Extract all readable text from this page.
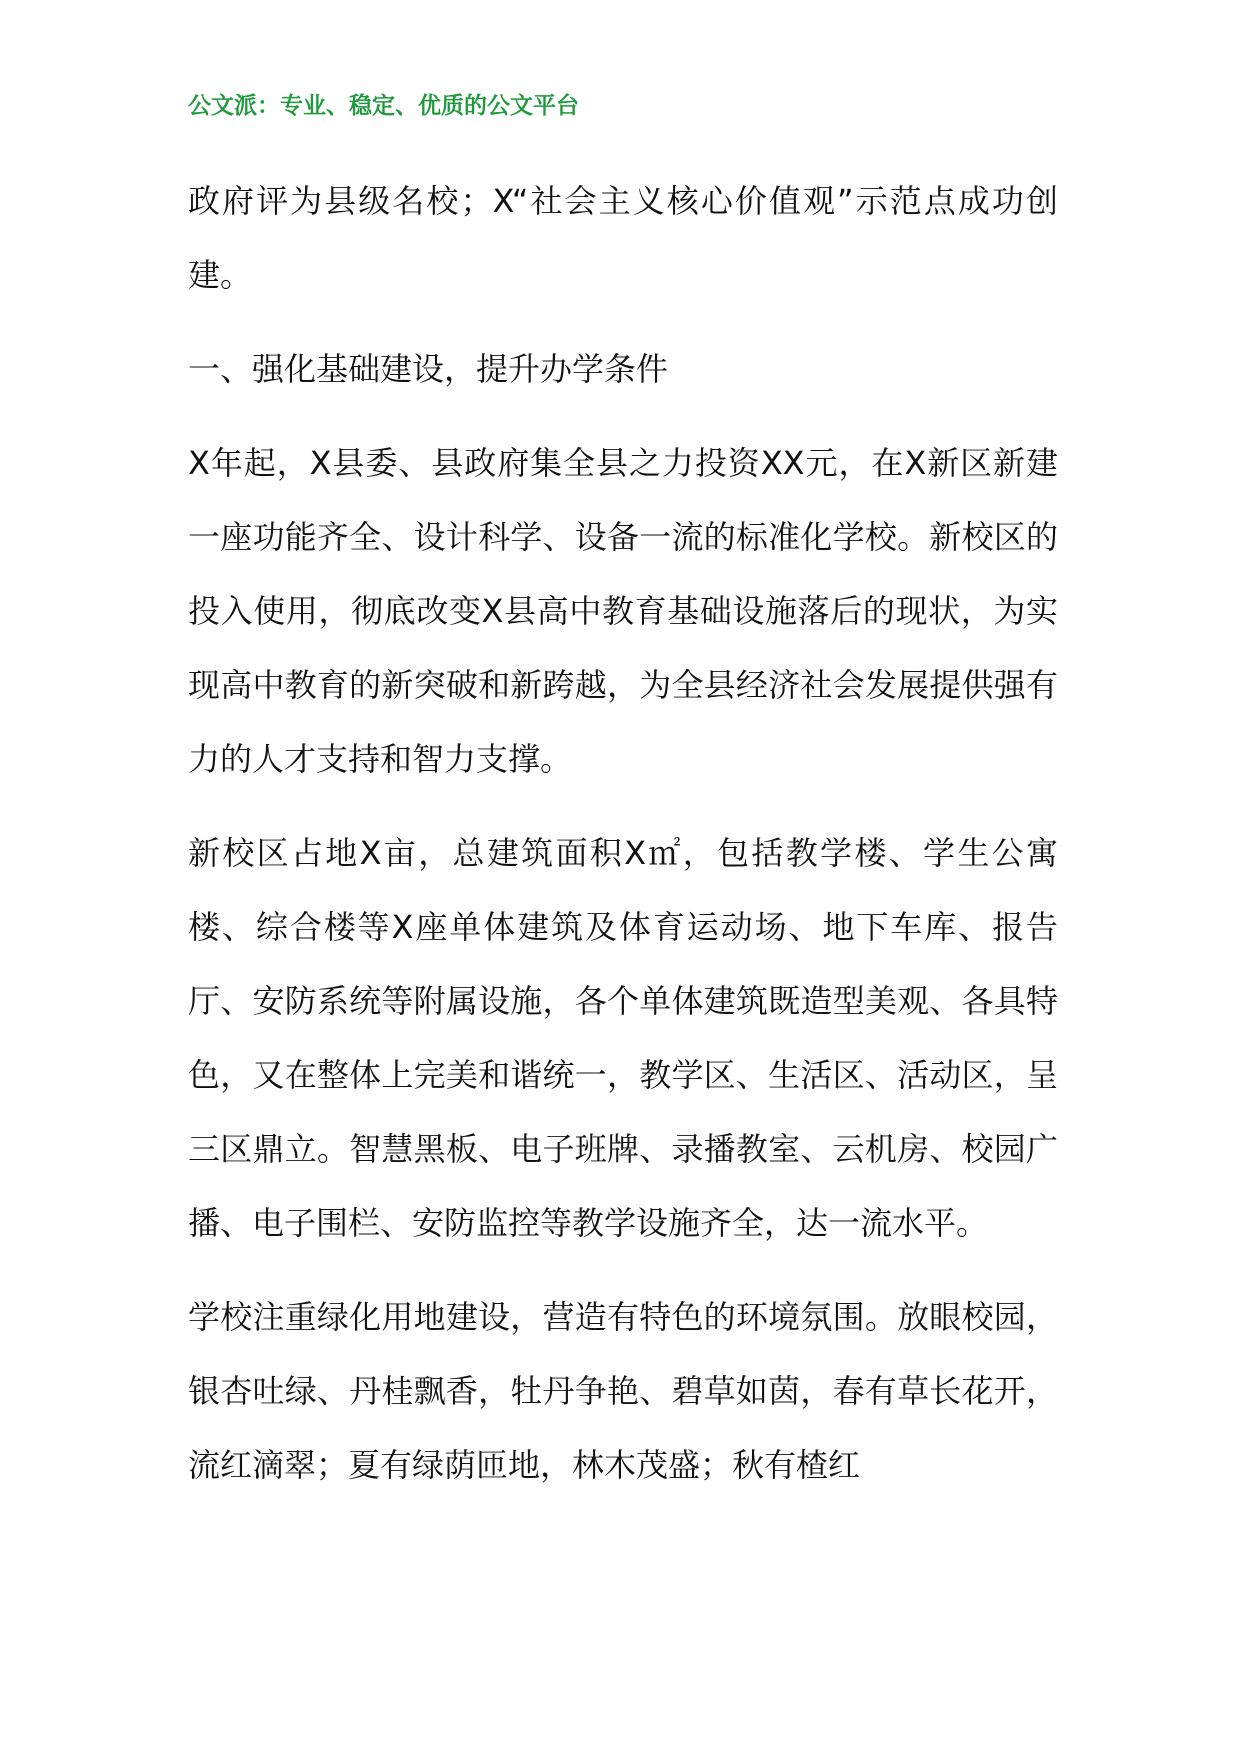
公文派：专业、稳定、优质的公文平台

政府评为县级名校；X“社会主义核心价值观”示范点成功创建。

一、强化基础建设，提升办学条件

X年起，X县委、县政府集全县之力投资XX元，在X新区新建一座功能齐全、设计科学、设备一流的标准化学校。新校区的投入使用，彻底改变X县高中教育基础设施落后的现状，为实现高中教育的新突破和新跨越，为全县经济社会发展提供强有力的人才支持和智力支撑。

新校区占地X亩，总建筑面积X㎡，包括教学楼、学生公寓楼、综合楼等X座单体建筑及体育运动场、地下车库、报告厅、安防系统等附属设施，各个单体建筑既造型美观、各具特色，又在整体上完美和谐统一，教学区、生活区、活动区，呈三区鼎立。智慧黑板、电子班牌、录播教室、云机房、校园广播、电子围栏、安防监控等教学设施齐全，达一流水平。

学校注重绿化用地建设，营造有特色的环境氛围。放眼校园，银杏吐绿、丹桂飘香，牡丹争艳、碧草如茵，春有草长花开，流红滴翠；夏有绿荫匝地，林木茂盛；秋有楂红
